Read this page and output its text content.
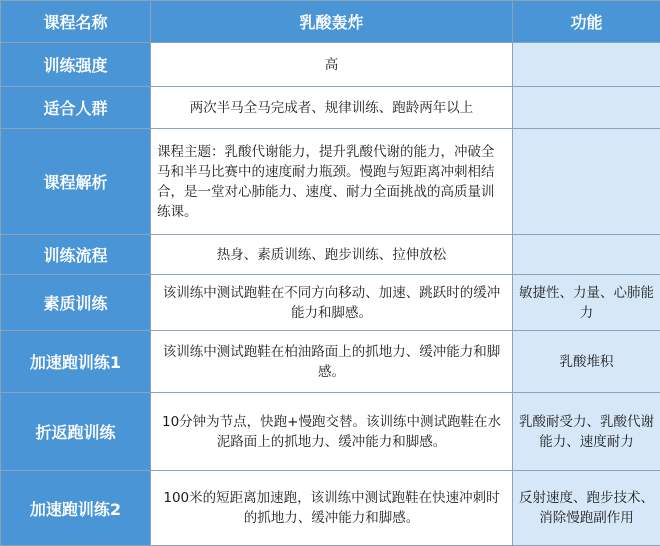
课程名称	乳酸轰炸	功能
训练强度	高	
适合人群	两次半马全马完成者、规律训练、跑龄两年以上	
课程解析	课程主题：乳酸代谢能力，提升乳酸代谢的能力，冲破全马和半马比赛中的速度耐力瓶颈。慢跑与短距离冲刺相结合，是一堂对心肺能力、速度、耐力全面挑战的高质量训练课。	
训练流程	热身、素质训练、跑步训练、拉伸放松	
素质训练	该训练中测试跑鞋在不同方向移动、加速、跳跃时的缓冲能力和脚感。	敏捷性、力量、心肺能力
加速跑训练1	该训练中测试跑鞋在柏油路面上的抓地力、缓冲能力和脚感。	乳酸堆积
折返跑训练	10分钟为节点，快跑+慢跑交替。该训练中测试跑鞋在水泥路面上的抓地力、缓冲能力和脚感。	乳酸耐受力、乳酸代谢能力、速度耐力
加速跑训练2	100米的短距离加速跑，该训练中测试跑鞋在快速冲刺时的抓地力、缓冲能力和脚感。	反射速度、跑步技术、消除慢跑副作用
